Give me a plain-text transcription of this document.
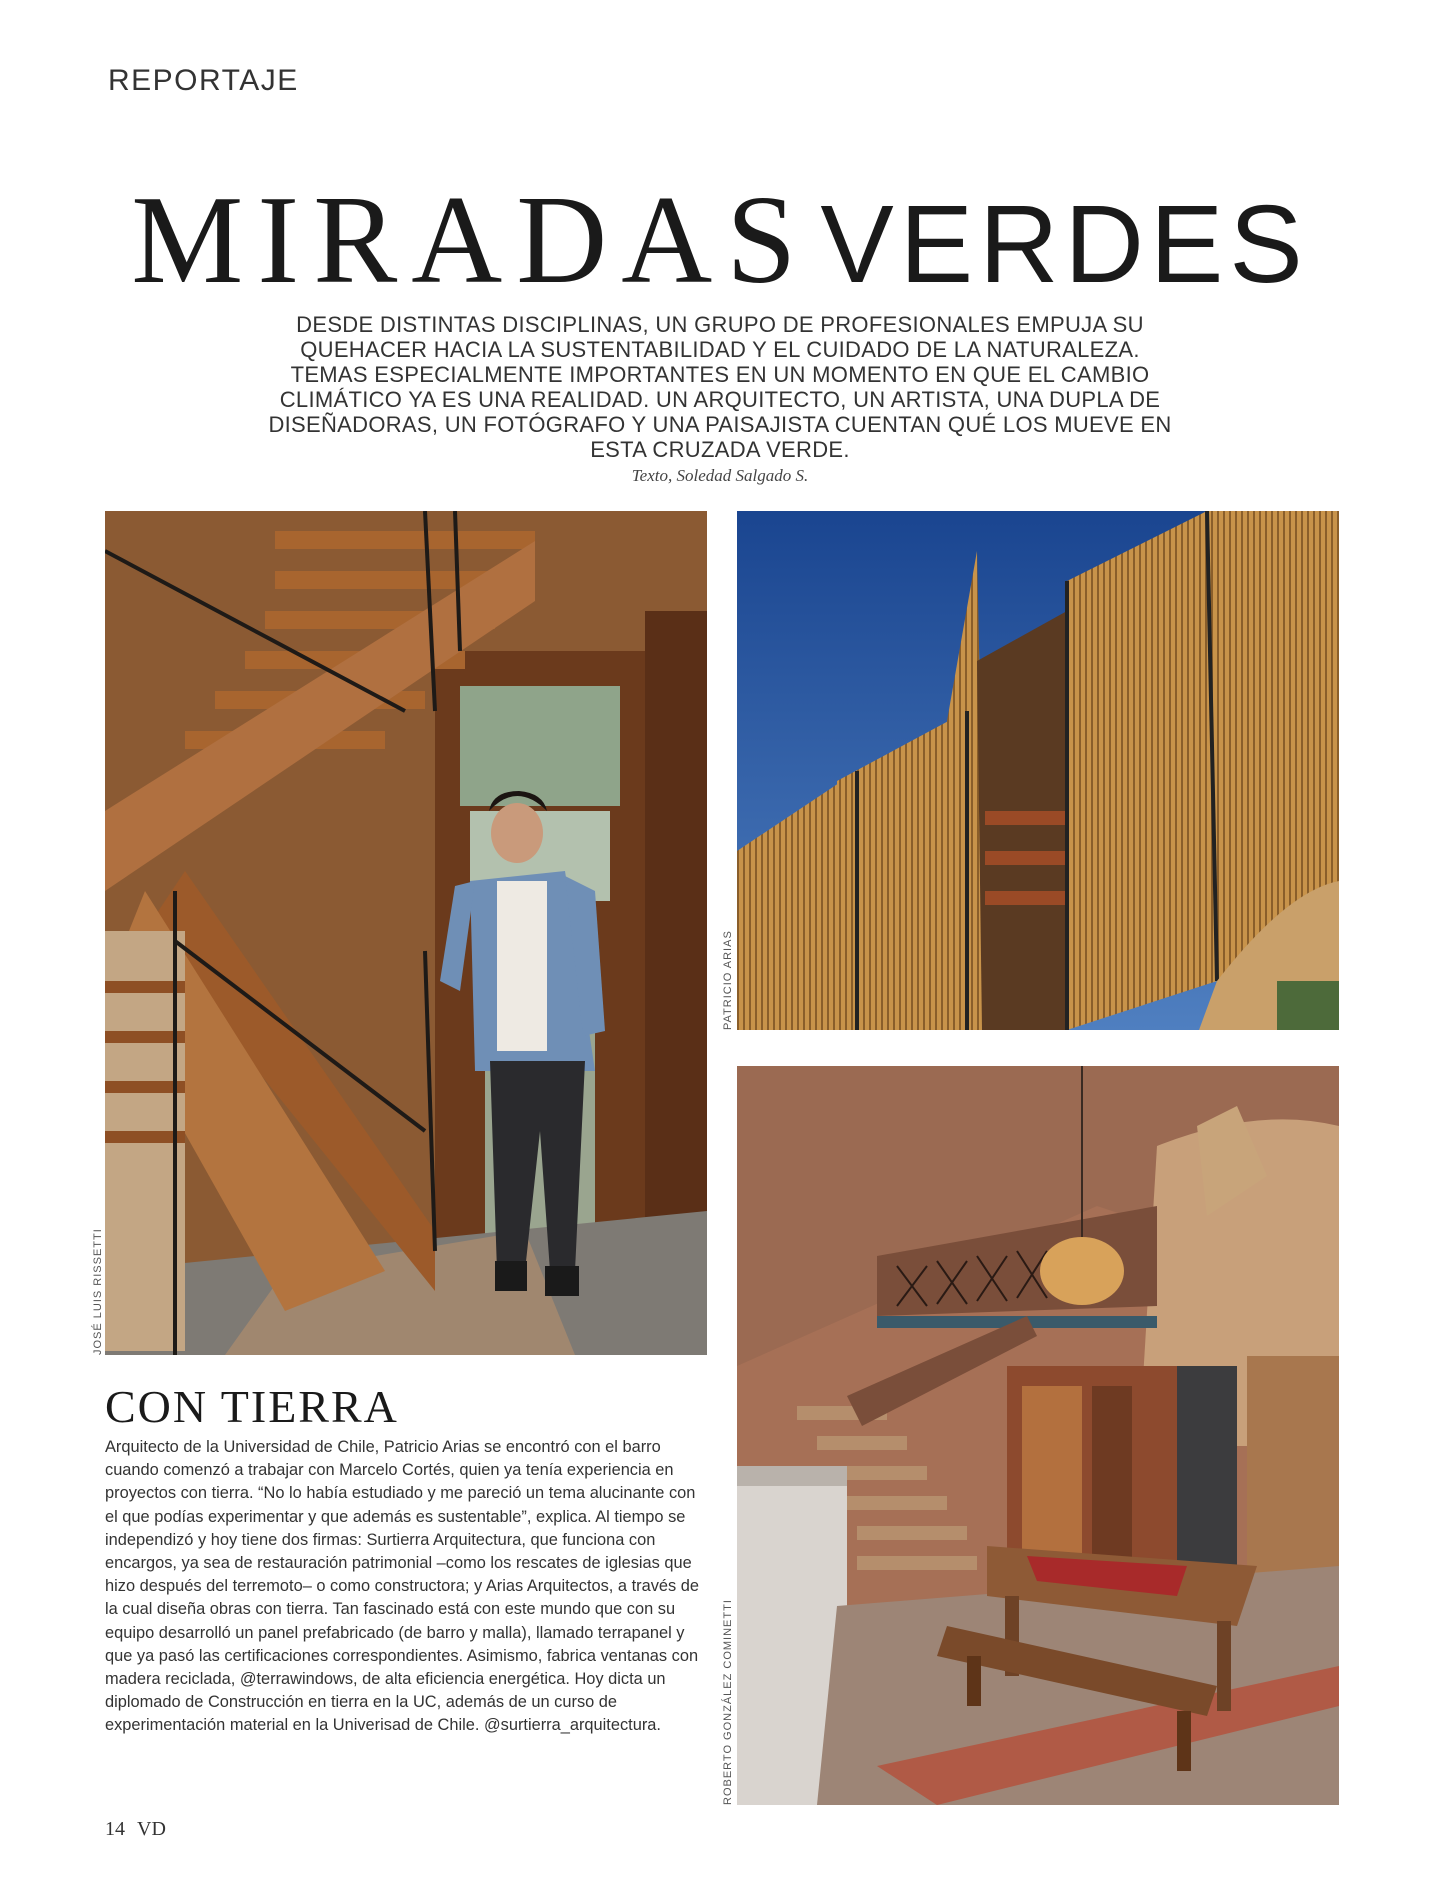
REPORTAJE
MIRADASVERDES
DESDE DISTINTAS DISCIPLINAS, UN GRUPO DE PROFESIONALES EMPUJA SU QUEHACER HACIA LA SUSTENTABILIDAD Y EL CUIDADO DE LA NATURALEZA. TEMAS ESPECIALMENTE IMPORTANTES EN UN MOMENTO EN QUE EL CAMBIO CLIMÁTICO YA ES UNA REALIDAD. UN ARQUITECTO, UN ARTISTA, UNA DUPLA DE DISEÑADORAS, UN FOTÓGRAFO Y UNA PAISAJISTA CUENTAN QUÉ LOS MUEVE EN ESTA CRUZADA VERDE.
Texto, Soledad Salgado S.
JOSÉ LUIS RISSETTI
PATRICIO ARIAS
ROBERTO GONZÁLEZ COMINETTI
CON TIERRA
Arquitecto de la Universidad de Chile, Patricio Arias se encontró con el barro cuando comenzó a trabajar con Marcelo Cortés, quien ya tenía experiencia en proyectos con tierra. “No lo había estudiado y me pareció un tema alucinante con el que podías experimentar y que además es sustentable”, explica. Al tiempo se independizó y hoy tiene dos firmas: Surtierra Arquitectura, que funciona con encargos, ya sea de restauración patrimonial –como los rescates de iglesias que hizo después del terremoto– o como constructora; y Arias Arquitectos, a través de la cual diseña obras con tierra. Tan fascinado está con este mundo que con su equipo desarrolló un panel prefabricado (de barro y malla), llamado terrapanel y que ya pasó las certificaciones correspondientes. Asimismo, fabrica ventanas con madera reciclada, @terrawindows, de alta eficiencia energética. Hoy dicta un diplomado de Construcción en tierra en la UC, además de un curso de experimentación material en la Univerisad de Chile. @surtierra_arquitectura.
14 VD
